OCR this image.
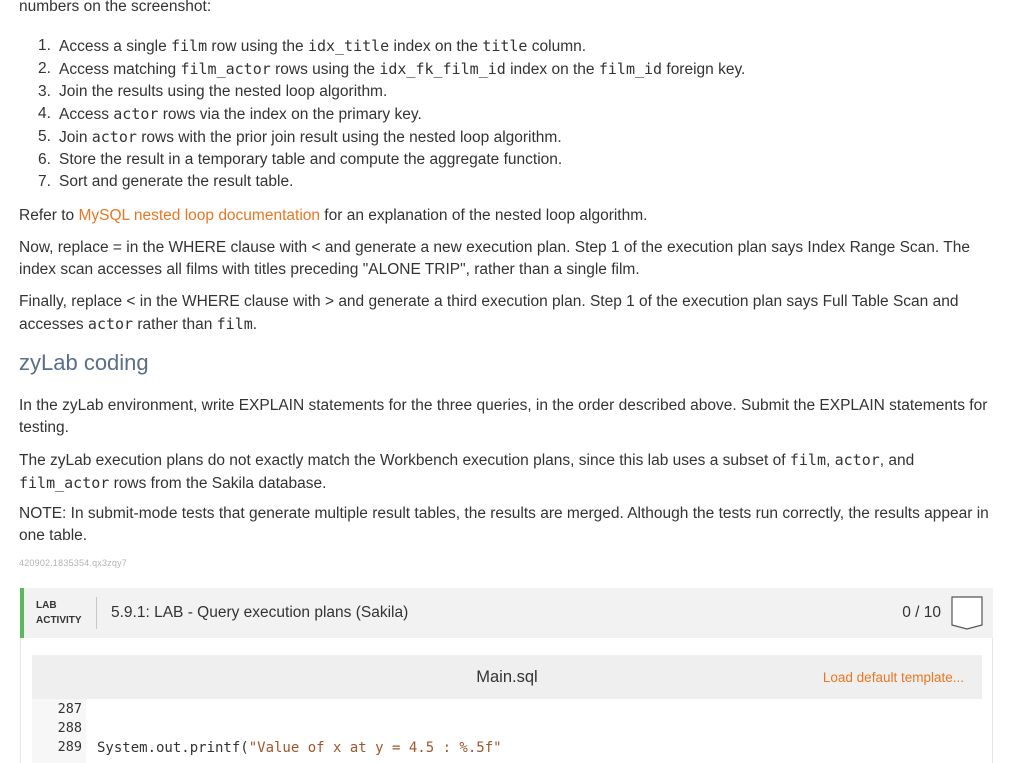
numbers on the screenshot:
1. Access a single film row using the idx_title index on the title column.
2. Access matching film_actor rows using the idx_fk_film_id index on the film_id foreign key.
3. Join the results using the nested loop algorithm.
4. Access actor rows via the index on the primary key.
5. Join actor rows with the prior join result using the nested loop algorithm.
6. Store the result in a temporary table and compute the aggregate function.
7. Sort and generate the result table.

Refer to MySQL nested loop documentation for an explanation of the nested loop algorithm.

Now, replace = in the WHERE clause with < and generate a new execution plan. Step 1 of the execution plan says Index Range Scan. The index scan accesses all films with titles preceding "ALONE TRIP", rather than a single film.

Finally, replace < in the WHERE clause with > and generate a third execution plan. Step 1 of the execution plan says Full Table Scan and accesses actor rather than film.

zyLab coding

In the zyLab environment, write EXPLAIN statements for the three queries, in the order described above. Submit the EXPLAIN statements for testing.

The zyLab execution plans do not exactly match the Workbench execution plans, since this lab uses a subset of film, actor, and film_actor rows from the Sakila database.

NOTE: In submit-mode tests that generate multiple result tables, the results are merged. Although the tests run correctly, the results appear in one table.

420902.1835354.qx3zqy7
LAB
ACTIVITY	5.9.1: LAB - Query execution plans (Sakila)	0 / 10
Main.sql	Load default template...
287
288
289 System.out.printf("Value of x at y = 4.5 : %.5f"
